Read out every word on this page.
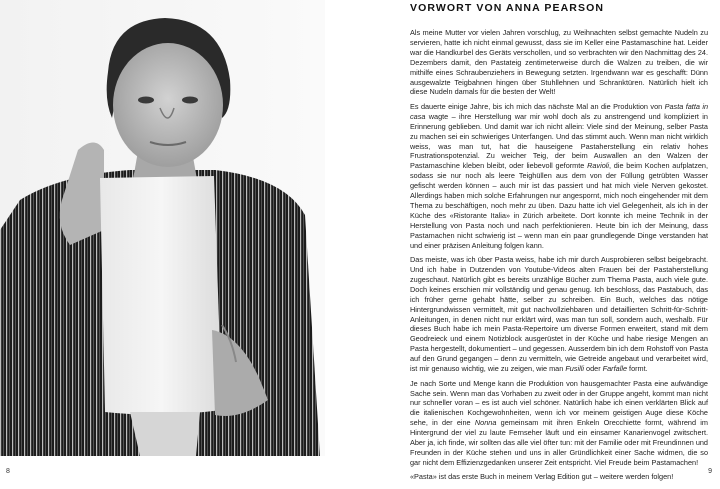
8
VORWORT VON ANNA PEARSON

Als meine Mutter vor vielen Jahren vorschlug, zu Weihnachten selbst gemachte Nudeln zu servieren, hatte ich nicht einmal gewusst, dass sie im Keller eine Pastamaschine hat. Leider war die Handkurbel des Geräts verschollen, und so verbrachten wir den Nachmittag des 24. Dezembers damit, den Pastateig zentimeterweise durch die Walzen zu treiben, die wir mithilfe eines Schraubenziehers in Bewegung setzten. Irgendwann war es geschafft: Dünn ausgewalzte Teigbahnen hingen über Stuhllehnen und Schranktüren. Natürlich hielt ich diese Nudeln damals für die besten der Welt!

Es dauerte einige Jahre, bis ich mich das nächste Mal an die Produktion von Pasta fatta in casa wagte – ihre Herstellung war mir wohl doch als zu anstrengend und kompliziert in Erinnerung geblieben. Und damit war ich nicht allein: Viele sind der Meinung, selber Pasta zu machen sei ein schwieriges Unterfangen. Und das stimmt auch. Wenn man nicht wirklich weiss, was man tut, hat die hauseigene Pastaherstellung ein relativ hohes Frustrationspotenzial. Zu weicher Teig, der beim Auswallen an den Walzen der Pastamaschine kleben bleibt, oder liebevoll geformte Ravioli, die beim Kochen aufplatzen, sodass sie nur noch als leere Teighüllen aus dem von der Füllung getrübten Wasser gefischt werden können – auch mir ist das passiert und hat mich viele Nerven gekostet. Allerdings haben mich solche Erfahrungen nur angespornt, mich noch eingehender mit dem Thema zu beschäftigen, noch mehr zu üben. Dazu hatte ich viel Gelegenheit, als ich in der Küche des «Ristorante Italia» in Zürich arbeitete. Dort konnte ich meine Technik in der Herstellung von Pasta noch und nach perfektionieren. Heute bin ich der Meinung, dass Pastamachen nicht schwierig ist – wenn man ein paar grundlegende Dinge verstanden hat und einer präzisen Anleitung folgen kann.

Das meiste, was ich über Pasta weiss, habe ich mir durch Ausprobieren selbst beigebracht. Und ich habe in Dutzenden von Youtube-Videos alten Frauen bei der Pastaherstellung zugeschaut. Natürlich gibt es bereits unzählige Bücher zum Thema Pasta, auch viele gute. Doch keines erschien mir vollständig und genau genug. Ich beschloss, das Pastabuch, das ich früher gerne gehabt hätte, selber zu schreiben. Ein Buch, welches das nötige Hintergrundwissen vermittelt, mit gut nachvollziehbaren und detaillierten Schritt-für-Schritt-Anleitungen, in denen nicht nur erklärt wird, was man tun soll, sondern auch, weshalb. Für dieses Buch habe ich mein Pasta-Repertoire um diverse Formen erweitert, stand mit dem Geodreieck und einem Notizblock ausgerüstet in der Küche und habe riesige Mengen an Pasta hergestellt, dokumentiert – und gegessen. Ausserdem bin ich dem Rohstoff von Pasta auf den Grund gegangen – denn zu vermitteln, wie Getreide angebaut und verarbeitet wird, ist mir genauso wichtig, wie zu zeigen, wie man Fusilli oder Farfalle formt.

Je nach Sorte und Menge kann die Produktion von hausgemachter Pasta eine aufwändige Sache sein. Wenn man das Vorhaben zu zweit oder in der Gruppe angeht, kommt man nicht nur schneller voran – es ist auch viel schöner. Natürlich habe ich einen verklärten Blick auf die italienischen Kochgewohnheiten, wenn ich vor meinem geistigen Auge diese Köche sehe, in der eine Nonna gemeinsam mit ihren Enkeln Orecchiette formt, während im Hintergrund der viel zu laute Fernseher läuft und ein einsamer Kanarienvogel zwitschert. Aber ja, ich finde, wir sollten das alle viel öfter tun: mit der Familie oder mit Freundinnen und Freunden in der Küche stehen und uns in aller Gründlichkeit einer Sache widmen, die so gar nicht dem Effizienzgedanken unserer Zeit entspricht. Viel Freude beim Pastamachen!

«Pasta» ist das erste Buch in meinem Verlag Edition gut – weitere werden folgen!

9
